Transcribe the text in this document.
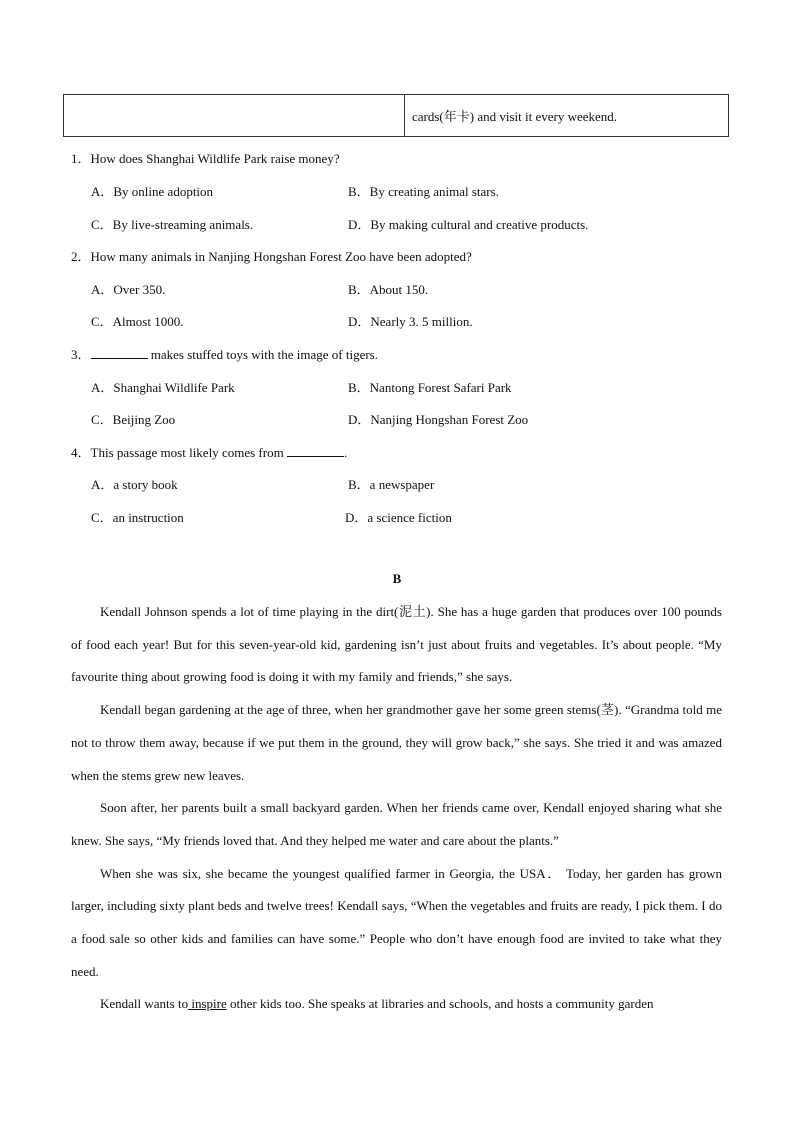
cards(年卡) and visit it every weekend.
1．How does Shanghai Wildlife Park raise money?
A．By online adoption	B．By creating animal stars.
C．By live-streaming animals.	D．By making cultural and creative products.
2．How many animals in Nanjing Hongshan Forest Zoo have been adopted?
A．Over 350.	B．About 150.
C．Almost 1000.	D．Nearly 3. 5 million.
3．	makes stuffed toys with the image of tigers.
A．Shanghai Wildlife Park	B．Nantong Forest Safari Park
C．Beijing Zoo	D．Nanjing Hongshan Forest Zoo
4．This passage most likely comes from	.
A．a story book	B．a newspaper
C．an instruction	D．a science fiction
B

Kendall Johnson spends a lot of time playing in the dirt(泥土). She has a huge garden that produces over 100 pounds of food each year! But for this seven-year-old kid, gardening isn’t just about fruits and vegetables. It’s about people. “My favourite thing about growing food is doing it with my family and friends,” she says.

Kendall began gardening at the age of three, when her grandmother gave her some green stems(茎). “Grandma told me not to throw them away, because if we put them in the ground, they will grow back,” she says. She tried it and was amazed when the stems grew new leaves.

Soon after, her parents built a small backyard garden. When her friends came over, Kendall enjoyed sharing what she knew. She says, “My friends loved that. And they helped me water and care about the plants.”

When she was six, she became the youngest qualified farmer in Georgia, the USA． Today, her garden has grown larger, including sixty plant beds and twelve trees! Kendall says, “When the vegetables and fruits are ready, I pick them. I do a food sale so other kids and families can have some.” People who don’t have enough food are invited to take what they need.

Kendall wants to inspire other kids too. She speaks at libraries and schools, and hosts a community garden
